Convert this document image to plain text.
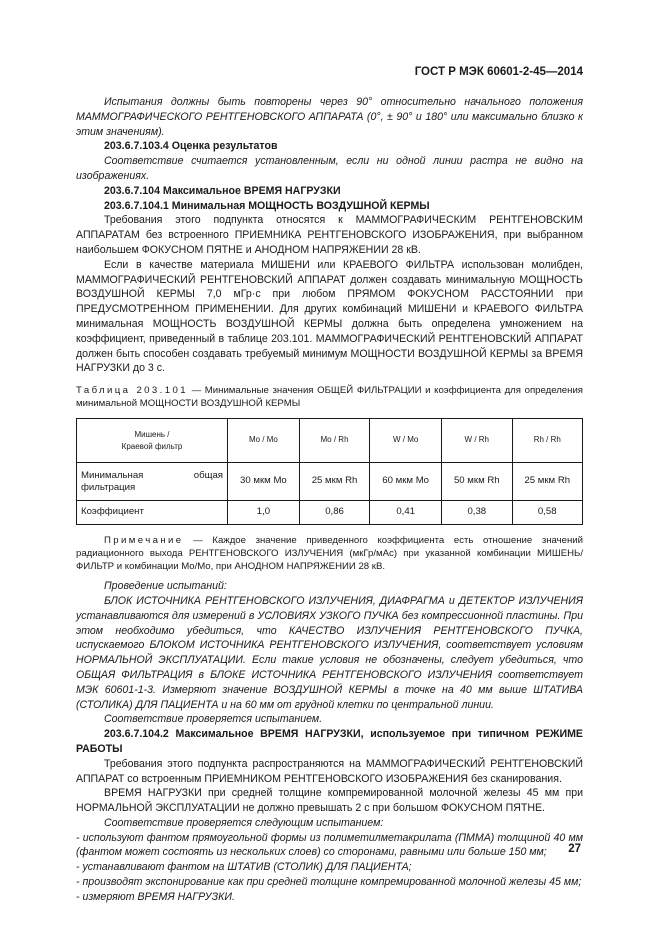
ГОСТ Р МЭК 60601-2-45—2014

Испытания должны быть повторены через 90° относительно начального положения МАММОГРАФИЧЕСКОГО РЕНТГЕНОВСКОГО АППАРАТА (0°, ± 90° и 180° или максимально близко к этим значениям).

203.6.7.103.4 Оценка результатов

Соответствие считается установленным, если ни одной линии растра не видно на изображениях.

203.6.7.104 Максимальное ВРЕМЯ НАГРУЗКИ

203.6.7.104.1 Минимальная МОЩНОСТЬ ВОЗДУШНОЙ КЕРМЫ

Требования этого подпункта относятся к МАММОГРАФИЧЕСКИМ РЕНТГЕНОВСКИМ АППАРАТАМ без встроенного ПРИЕМНИКА РЕНТГЕНОВСКОГО ИЗОБРАЖЕНИЯ, при выбранном наибольшем ФОКУСНОМ ПЯТНЕ и АНОДНОМ НАПРЯЖЕНИИ 28 кВ.

Если в качестве материала МИШЕНИ или КРАЕВОГО ФИЛЬТРА использован молибден, МАММОГРАФИЧЕСКИЙ РЕНТГЕНОВСКИЙ АППАРАТ должен создавать минимальную МОЩНОСТЬ ВОЗДУШНОЙ КЕРМЫ 7,0 мГр·с при любом ПРЯМОМ ФОКУСНОМ РАССТОЯНИИ при ПРЕДУСМОТРЕННОМ ПРИМЕНЕНИИ. Для других комбинаций МИШЕНИ и КРАЕВОГО ФИЛЬТРА минимальная МОЩНОСТЬ ВОЗДУШНОЙ КЕРМЫ должна быть определена умножением на коэффициент, приведенный в таблице 203.101. МАММОГРАФИЧЕСКИЙ РЕНТГЕНОВСКИЙ АППАРАТ должен быть способен создавать требуемый минимум МОЩНОСТИ ВОЗДУШНОЙ КЕРМЫ за ВРЕМЯ НАГРУЗКИ до 3 с.

Таблица 203.101 — Минимальные значения ОБЩЕЙ ФИЛЬТРАЦИИ и коэффициента для определения минимальной МОЩНОСТИ ВОЗДУШНОЙ КЕРМЫ

Мишень /
Краевой фильтр	Mo / Mo	Mo / Rh	W / Mo	W / Rh	Rh / Rh

Минимальная общая
фильтрация	30 мкм Mo	25 мкм Rh	60 мкм Mo	50 мкм Rh	25 мкм Rh
Коэффициент	1,0	0,86	0,41	0,38	0,58

Примечание — Каждое значение приведенного коэффициента есть отношение значений радиационного выхода РЕНТГЕНОВСКОГО ИЗЛУЧЕНИЯ (мкГр/мАс) при указанной комбинации МИШЕНЬ/ФИЛЬТР и комбинации Mo/Mo, при АНОДНОМ НАПРЯЖЕНИИ 28 кВ.

Проведение испытаний:

БЛОК ИСТОЧНИКА РЕНТГЕНОВСКОГО ИЗЛУЧЕНИЯ, ДИАФРАГМА и ДЕТЕКТОР ИЗЛУЧЕНИЯ устанавливаются для измерений в УСЛОВИЯХ УЗКОГО ПУЧКА без компрессионной пластины. При этом необходимо убедиться, что КАЧЕСТВО ИЗЛУЧЕНИЯ РЕНТГЕНОВСКОГО ПУЧКА, испускаемого БЛОКОМ ИСТОЧНИКА РЕНТГЕНОВСКОГО ИЗЛУЧЕНИЯ, соответствует условиям НОРМАЛЬНОЙ ЭКСПЛУАТАЦИИ. Если такие условия не обозначены, следует убедиться, что ОБЩАЯ ФИЛЬТРАЦИЯ в БЛОКЕ ИСТОЧНИКА РЕНТГЕНОВСКОГО ИЗЛУЧЕНИЯ соответствует МЭК 60601-1-3. Измеряют значение ВОЗДУШНОЙ КЕРМЫ в точке на 40 мм выше ШТАТИВА (СТОЛИКА) ДЛЯ ПАЦИЕНТА и на 60 мм от грудной клетки по центральной линии.

Соответствие проверяется испытанием.

203.6.7.104.2 Максимальное ВРЕМЯ НАГРУЗКИ, используемое при типичном РЕЖИМЕ РАБОТЫ

Требования этого подпункта распространяются на МАММОГРАФИЧЕСКИЙ РЕНТГЕНОВСКИЙ АППАРАТ со встроенным ПРИЕМНИКОМ РЕНТГЕНОВСКОГО ИЗОБРАЖЕНИЯ без сканирования.

ВРЕМЯ НАГРУЗКИ при средней толщине компремированной молочной железы 45 мм при НОРМАЛЬНОЙ ЭКСПЛУАТАЦИИ не должно превышать 2 с при большом ФОКУСНОМ ПЯТНЕ.

Соответствие проверяется следующим испытанием:

- используют фантом прямоугольной формы из полиметилметакрилата (ПММА) толщиной 40 мм (фантом может состоять из нескольких слоев) со сторонами, равными или больше 150 мм;

- устанавливают фантом на ШТАТИВ (СТОЛИК) ДЛЯ ПАЦИЕНТА;

- производят экспонирование как при средней толщине компремированной молочной железы 45 мм;

- измеряют ВРЕМЯ НАГРУЗКИ.

27
